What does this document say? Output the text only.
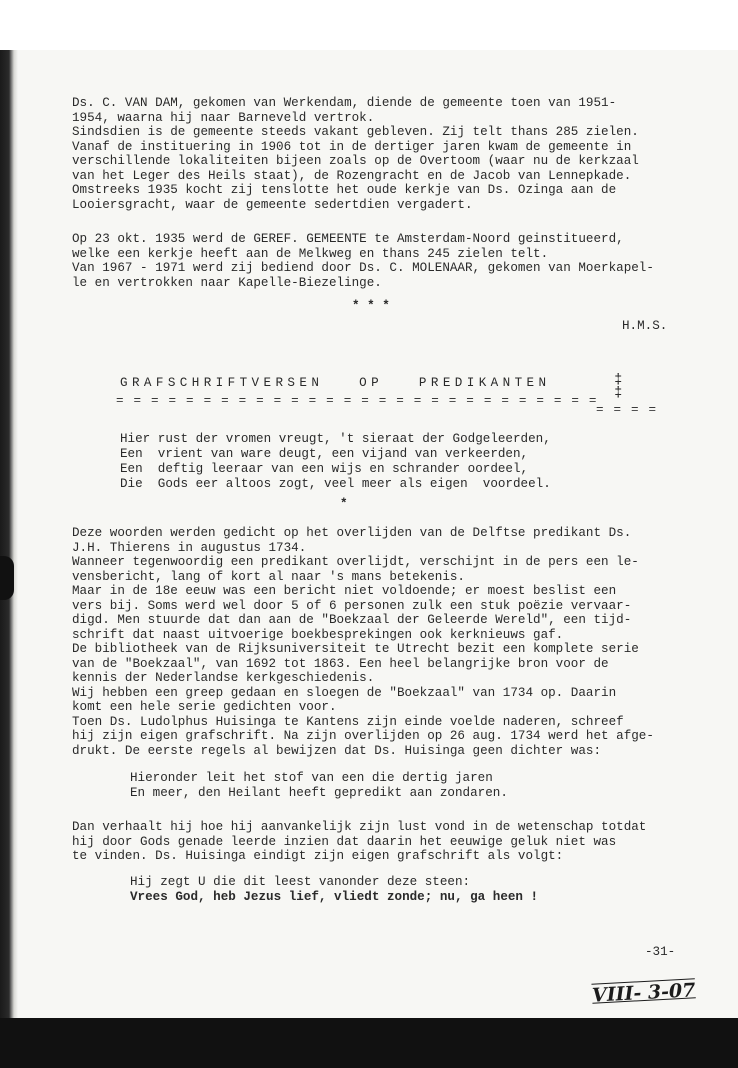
Ds. C. VAN DAM, gekomen van Werkendam, diende de gemeente toen van 1951-
1954, waarna hij naar Barneveld vertrok.
Sindsdien is de gemeente steeds vakant gebleven. Zij telt thans 285 zielen.
Vanaf de instituering in 1906 tot in de dertiger jaren kwam de gemeente in
verschillende lokaliteiten bijeen zoals op de Overtoom (waar nu de kerkzaal
van het Leger des Heils staat), de Rozengracht en de Jacob van Lennepkade.
Omstreeks 1935 kocht zij tenslotte het oude kerkje van Ds. Ozinga aan de
Looiersgracht, waar de gemeente sedertdien vergadert.
Op 23 okt. 1935 werd de GEREF. GEMEENTE te Amsterdam-Noord geinstitueerd,
welke een kerkje heeft aan de Melkweg en thans 245 zielen telt.
Van 1967 - 1971 werd zij bediend door Ds. C. MOLENAAR, gekomen van Moerkapel-
le en vertrokken naar Kapelle-Biezelinge.
* * *
H.M.S.
GRAFSCHRIFTVERSEN   OP   PREDIKANTEN	‡
‡
= = = = = = = = = = = = = = = = = = = = = = = = = = = =
= = = =
Hier rust der vromen vreugt, 't sieraat der Godgeleerden,
Een  vrient van ware deugt, een vijand van verkeerden,
Een  deftig leeraar van een wijs en schrander oordeel,
Die  Gods eer altoos zogt, veel meer als eigen  voordeel.
*
Deze woorden werden gedicht op het overlijden van de Delftse predikant Ds.
J.H. Thierens in augustus 1734.
Wanneer tegenwoordig een predikant overlijdt, verschijnt in de pers een le-
vensbericht, lang of kort al naar 's mans betekenis.
Maar in de 18e eeuw was een bericht niet voldoende; er moest beslist een
vers bij. Soms werd wel door 5 of 6 personen zulk een stuk poëzie vervaar-
digd. Men stuurde dat dan aan de "Boekzaal der Geleerde Wereld", een tijd-
schrift dat naast uitvoerige boekbesprekingen ook kerknieuws gaf.
De bibliotheek van de Rijksuniversiteit te Utrecht bezit een komplete serie
van de "Boekzaal", van 1692 tot 1863. Een heel belangrijke bron voor de
kennis der Nederlandse kerkgeschiedenis.
Wij hebben een greep gedaan en sloegen de "Boekzaal" van 1734 op. Daarin
komt een hele serie gedichten voor.
Toen Ds. Ludolphus Huisinga te Kantens zijn einde voelde naderen, schreef
hij zijn eigen grafschrift. Na zijn overlijden op 26 aug. 1734 werd het afge-
drukt. De eerste regels al bewijzen dat Ds. Huisinga geen dichter was:
Hieronder leit het stof van een die dertig jaren
En meer, den Heilant heeft gepredikt aan zondaren.
Dan verhaalt hij hoe hij aanvankelijk zijn lust vond in de wetenschap totdat
hij door Gods genade leerde inzien dat daarin het eeuwige geluk niet was
te vinden. Ds. Huisinga eindigt zijn eigen grafschrift als volgt:
Hij zegt U die dit leest vanonder deze steen:
Vrees God, heb Jezus lief, vliedt zonde; nu, ga heen !
-31-
VIII- 3-07
